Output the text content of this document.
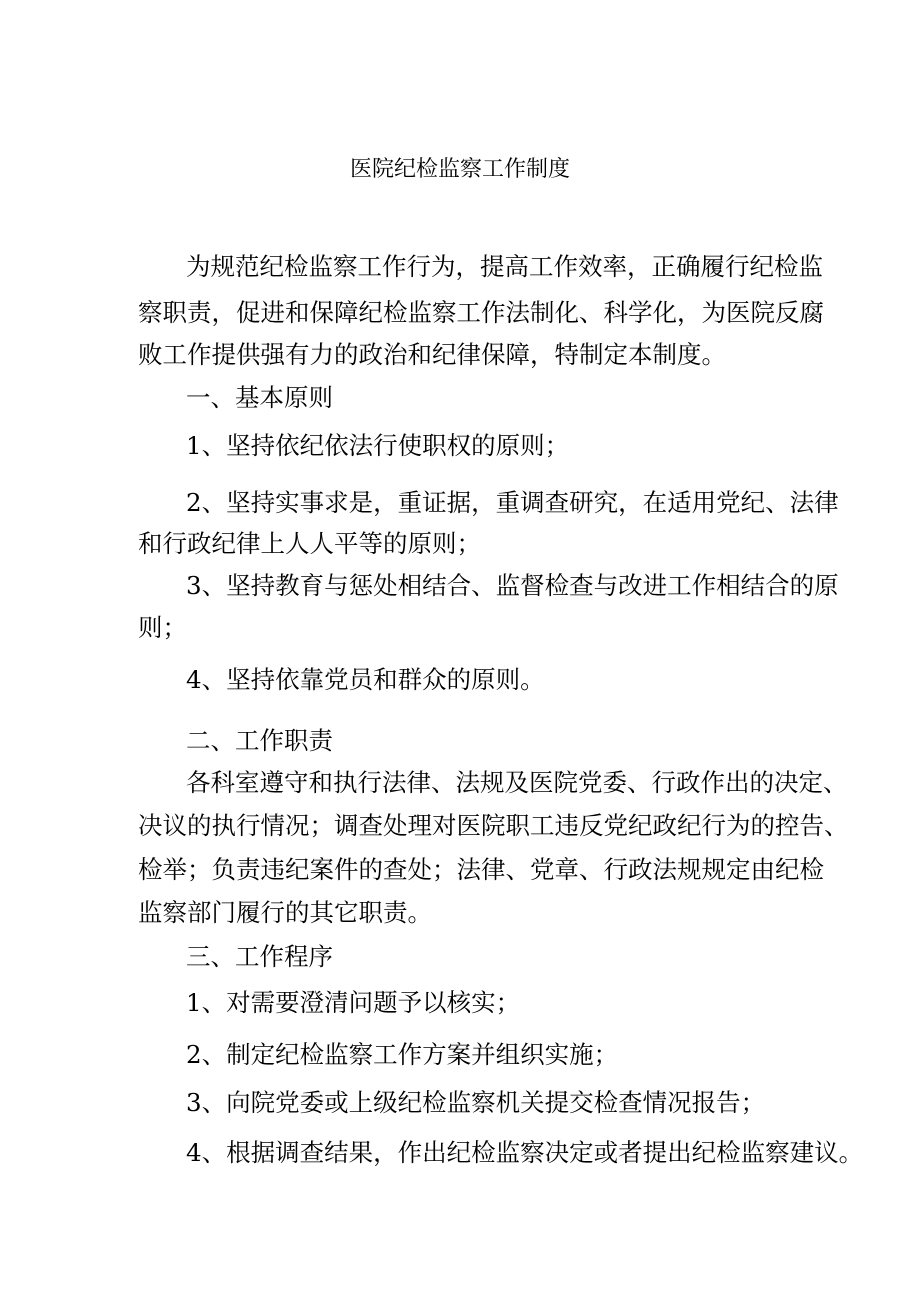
医院纪检监察工作制度
为规范纪检监察工作行为，提高工作效率，正确履行纪检监
察职责，促进和保障纪检监察工作法制化、科学化，为医院反腐
败工作提供强有力的政治和纪律保障，特制定本制度。
一、基本原则
1、坚持依纪依法行使职权的原则；
2、坚持实事求是，重证据，重调查研究，在适用党纪、法律
和行政纪律上人人平等的原则；
3、坚持教育与惩处相结合、监督检查与改进工作相结合的原
则；
4、坚持依靠党员和群众的原则。
二、工作职责
各科室遵守和执行法律、法规及医院党委、行政作出的决定、
决议的执行情况；调查处理对医院职工违反党纪政纪行为的控告、
检举；负责违纪案件的查处；法律、党章、行政法规规定由纪检
监察部门履行的其它职责。
三、工作程序
1、对需要澄清问题予以核实；
2、制定纪检监察工作方案并组织实施；
3、向院党委或上级纪检监察机关提交检查情况报告；
4、根据调查结果，作出纪检监察决定或者提出纪检监察建议。
